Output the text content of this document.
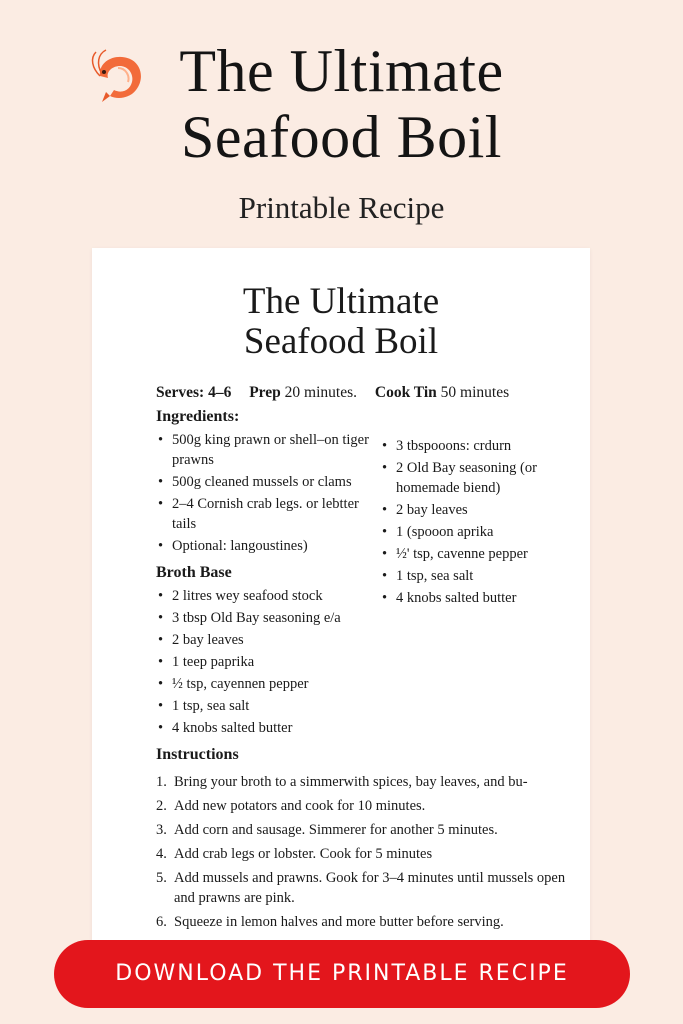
The Ultimate
Seafood Boil
Printable Recipe
The Ultimate
Seafood Boil
Serves: 4–6 Prep 20 minutes. Cook Tin 50 minutes
Ingredients:
• 500g king prawn or shell–on tiger prawns
• 500g cleaned mussels or clams
• 2–4 Cornish crab legs. or lebtter tails
• Optional: langoustines)
Broth Base
• 2 litres wey seafood stock
• 3 tbsp Old Bay seasoning e/a
• 2 bay leaves
• 1 teep paprika
• ½ tsp, cayennen pepper
• 1 tsp, sea salt
• 4 knobs salted butter
• 3 tbspooons: crdurn
• 2 Old Bay seasoning (or homemade biend)
• 2 bay leaves
• 1 (spooon aprika
• ½' tsp, cavenne pepper
• 1 tsp, sea salt
• 4 knobs salted butter
Instructions
1. Bring your broth to a simmerwith spices, bay leaves, and bu-
2. Add new potators and cook for 10 minutes.
3. Add corn and sausage. Simmerer for another 5 minutes.
4. Add crab legs or lobster. Cook for 5 minutes
5. Add mussels and prawns. Gook for 3–4 minutes until mussels open and prawns are pink.
6. Squeeze in lemon halves and more butter before serving.
DOWNLOAD THE PRINTABLE RECIPE
